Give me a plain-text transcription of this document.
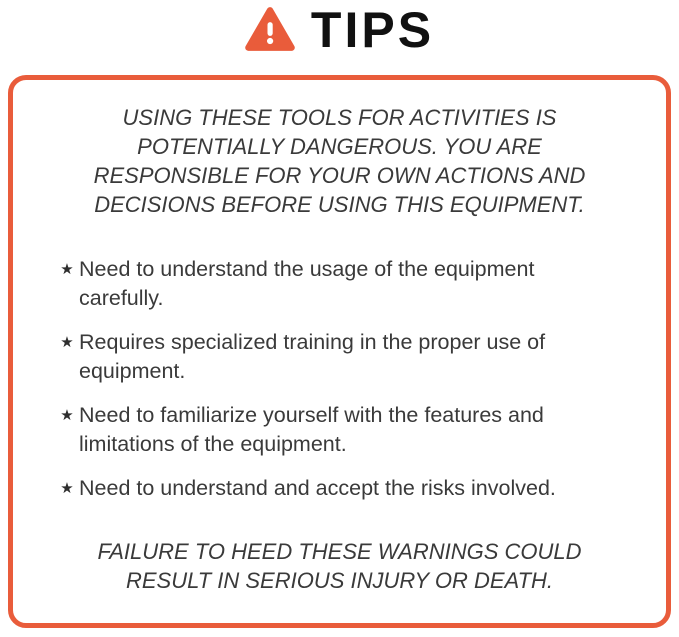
TIPS
USING THESE TOOLS FOR ACTIVITIES IS
POTENTIALLY DANGEROUS. YOU ARE
RESPONSIBLE FOR YOUR OWN ACTIONS AND
DECISIONS BEFORE USING THIS EQUIPMENT.
★ Need to understand the usage of the equipment carefully.
★ Requires specialized training in the proper use of equipment.
★ Need to familiarize yourself with the features and limitations of the equipment.
★ Need to understand and accept the risks involved.
FAILURE TO HEED THESE WARNINGS COULD
RESULT IN SERIOUS INJURY OR DEATH.
